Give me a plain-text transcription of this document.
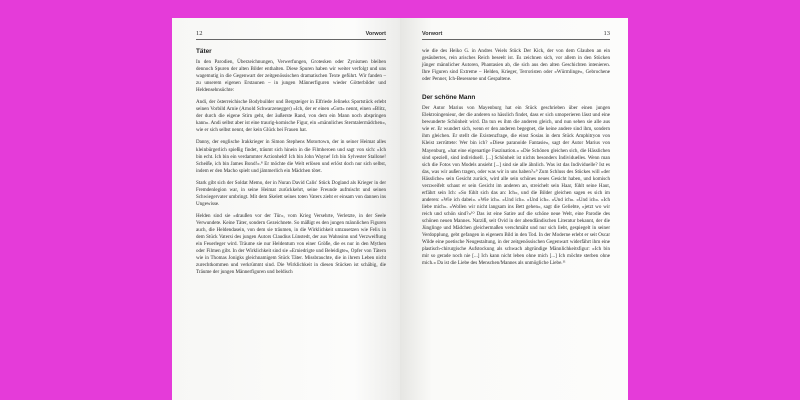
12	Vorwort
Täter

In den Parodien, Überzeichnungen, Verwerfungen, Grotesken oder Zynismen bleiben dennoch Spuren der alten Bilder enthalten. Diese Spuren haben wir weiter verfolgt und uns wagemutig in die Gegenwart der zeitgenössischen dramatischen Texte geführt. Wir fanden – zu unserem eigenen Erstaunen – in jungen Männerfiguren wieder Götterbilder und Heldensehnsüchte:

Andi, der österreichische Bodybuilder und Bergsteiger in Elfriede Jelineks Sportstück erlebt seinen Vorbild Arnie (Arnold Schwarzenegger) »Ich, der er einen »Gott« nennt, einen »Blitz, der durch die eigene Stirn geht, der äußerste Rand, von dem ein Mann noch abspringen kann«. Andi selbst aber ist eine traurig-komische Figur, ein »männliches Sterntalermädchen«, wie er sich selbst nennt, der kein Glück bei Frauen hat.

Danny, der englische Irakkrieger in Simon Stephens Motortown, der in seiner Heimat alles kleinbürgerlich spießig findet, träumt sich hinein in die Filmheroen und sagt von sich: »Ich bin echt. Ich bin ein verdammter Actionheld! Ich bin John Wayne! Ich bin Sylvester Stallone! Scheiße, ich bin James Bond!«.⁸ Er möchte die Welt erlösen und erlöst doch nur sich selbst, indem er den Macho spielt und jämmerlich ein Mädchen tötet.

Stark gibt sich der Soldat Memo, der in Nuran David Calis' Stück Dogland als Krieger in der Fremdenlegion war, in seine Heimat zurückkehrt, seine Freunde aufmischt und seinen Schwiegervater umbringt. Mit dem Skelett seines toten Vaters zieht er einsam von dannen ins Ungewisse.

Helden sind sie »draußen vor der Tür«, vom Krieg Versehrte, Verletzte, in der Seele Verwundete. Keine Täter, sondern Gezeichnete. So mäßigt es den jungen männlichen Figuren auch, die Heldendasein, von dem sie träumen, in die Wirklichkeit umzusetzen wie Felix in dem Stück Vatersi des jungen Autors Claudius Lünstedt, der aus Wahnsinn und Verzweiflung ein Feuerleger wird. Träume sie nur Heldentum von einer Größe, die es nur in den Mythen oder Filmen gibt. In der Wirklichkeit sind sie »Erniedrigte und Beleidigte«, Opfer von Tätern wie in Thomas Jonigks gleichnamigem Stück Täter. Missbrauchte, die in ihrem Leben nicht zurechtkommen und verkrümmt sind. Die Wirklichkeit in diesen Stücken ist schäbig, die Träume der jungen Männerfiguren und beldisch

Vorwort	13

wie die des Heiko G. in Andres Veiels Stück Der Kick, der von dem Glauben an ein gesäubertes, rein arisches Reich beseelt ist. Es zeichnen sich, vor allem in den Stücken jünger männlicher Autoren, Phantasien ab, die sich aus den alten Geschichten intenieren. Ihre Figuren sind Extreme – Helden, Krieger, Terroristen oder »Würmlinge«, Gebrochene oder Penner, Ich-Besessene und Gespaltene.

Der schöne Mann

Der Autor Marius von Mayenburg hat ein Stück geschrieben über einen jungen Elektroingenieur, der die anderen so hässlich findet, dass er sich umoperieren lässt und eine bewunderte Schönheit wird. Da tun es ihm die anderen gleich, und nun sehen sie alle aus wie er. Er wundert sich, wenn er den anderen begegnet, die keine andere sind ihm, sondern ihm gleichen. Er stellt die Existenzfrage, die einst Sosias in dem Stück Amphitryon von Kleist zerrüttete: Wer bin ich? »Diese paranoide Fantasie«, sagt der Autor Marius von Mayenburg, »hat eine eigenartige Faszination.« »Die Schönen gleichen sich, die Hässlichen sind speziell, sind individuell. [...] Schönheit ist nichts besonders Individuelles. Wenn man sich die Fotos von Models ansieht [...] sind sie alle ähnlich. Was ist das Individuelle? Ist es das, was wir außen tragen, oder was wir in uns haben?«⁹ Zum Schluss des Stückes will »der Hässliche« sein Gesicht zurück, wird alle sein schönes neues Gesicht haben, und komisch verzweifelt schaut er sein Gesicht im anderen an, streichelt sein Haar, fühlt seine Haut, erfährt sein Ich: »So fühlt sich das an: Ich«, und die Bilder gleichen sagen es sich im anderen: »Wie ich dabei«. »Wie ich«. »Und ich«. »Und ich«. »Und ich«. »Und ich«. »Ich liebe mich«. »Wollen wir nicht langsam ins Bett gehen«, sagt die Geliebte, »jetzt wo wir reich und schön sind?«¹⁰ Das ist eine Satire auf die schöne neue Welt, eine Parodie des schönen neuen Mannes. Narziß, seit Ovid in der abendländischen Literatur bekannt, der die Jünglinge und Mädchen gleichermaßen verschmäht und nur sich liebt, gespiegelt in seiner Verdopplung, gebt gefangen in eigenem Bild in den Tod. In der Moderne erlebt er seit Oscar Wilde eine poetische Neugestaltung, in der zeitgenössischen Gegenwart widerfährt ihm eine plastisch-chirurgische Aufstockung als schwach abgründige Männlichkeitsfigur: »Ich bin mir so gerade noch nie [...] Ich kann nicht leben ohne mich [...] Ich möchte sterben ohne mich.« Da ist die Liebe des Menschen/Mannes als unmögliche Liebe.¹¹
